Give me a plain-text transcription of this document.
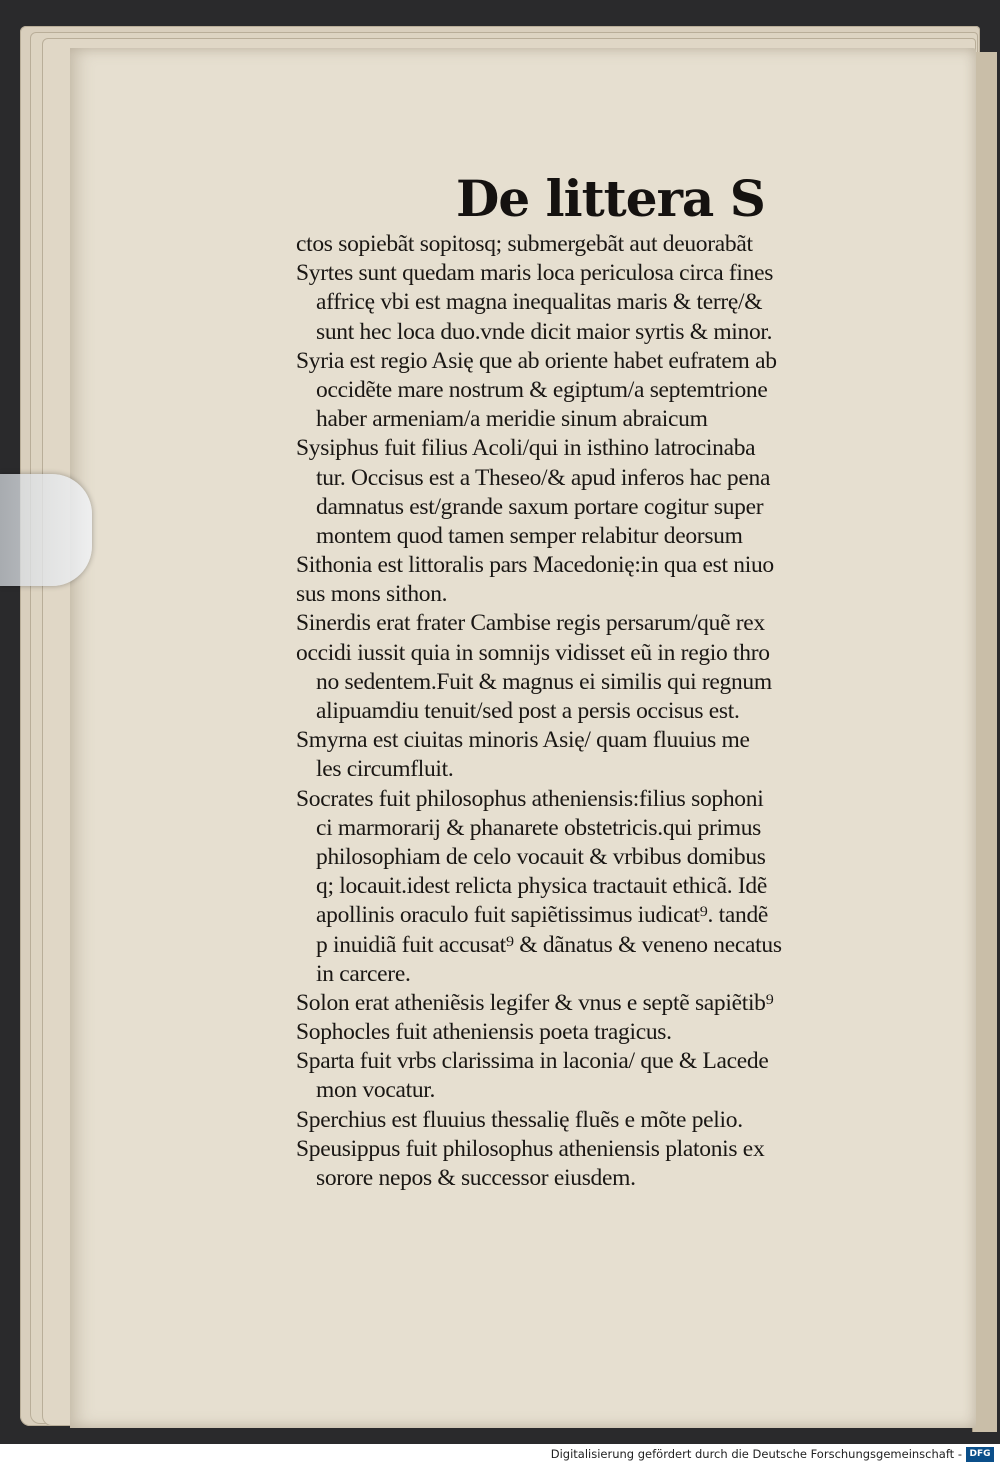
De littera S
ctos sopiebãt sopitosq; submergebãt aut deuorabãt
Syrtes sunt quedam maris loca periculosa circa fines
affricę vbi est magna inequalitas maris & terrę/&
sunt hec loca duo.vnde dicit maior syrtis & minor.
Syria est regio Asię que ab oriente habet eufratem ab
occidẽte mare nostrum & egiptum/a septemtrione
haber armeniam/a meridie sinum abraicum
Sysiphus fuit filius Acoli/qui in isthino latrocinaba
tur. Occisus est a Theseo/& apud inferos hac pena
damnatus est/grande saxum portare cogitur super
montem quod tamen semper relabitur deorsum
Sithonia est littoralis pars Macedonię:in qua est niuo
sus mons sithon.
Sinerdis erat frater Cambise regis persarum/quẽ rex
occidi iussit quia in somnijs vidisset eũ in regio thro
no sedentem.Fuit & magnus ei similis qui regnum
alipuamdiu tenuit/sed post a persis occisus est.
Smyrna est ciuitas minoris Asię/ quam fluuius me
les circumfluit.
Socrates fuit philosophus atheniensis:filius sophoni
ci marmorarij & phanarete obstetricis.qui primus
philosophiam de celo vocauit & vrbibus domibus
q; locauit.idest relicta physica tractauit ethicã. Idẽ
apollinis oraculo fuit sapiẽtissimus iudicat⁹. tandẽ
p inuidiã fuit accusat⁹ & dãnatus & veneno necatus
in carcere.
Solon erat atheniẽsis legifer & vnus e septẽ sapiẽtib⁹
Sophocles fuit atheniensis poeta tragicus.
Sparta fuit vrbs clarissima in laconia/ que & Lacede
mon vocatur.
Sperchius est fluuius thessalię fluẽs e mõte pelio.
Speusippus fuit philosophus atheniensis platonis ex
sorore nepos & successor eiusdem.
Digitalisierung gefördert durch die Deutsche Forschungsgemeinschaft - DFG
